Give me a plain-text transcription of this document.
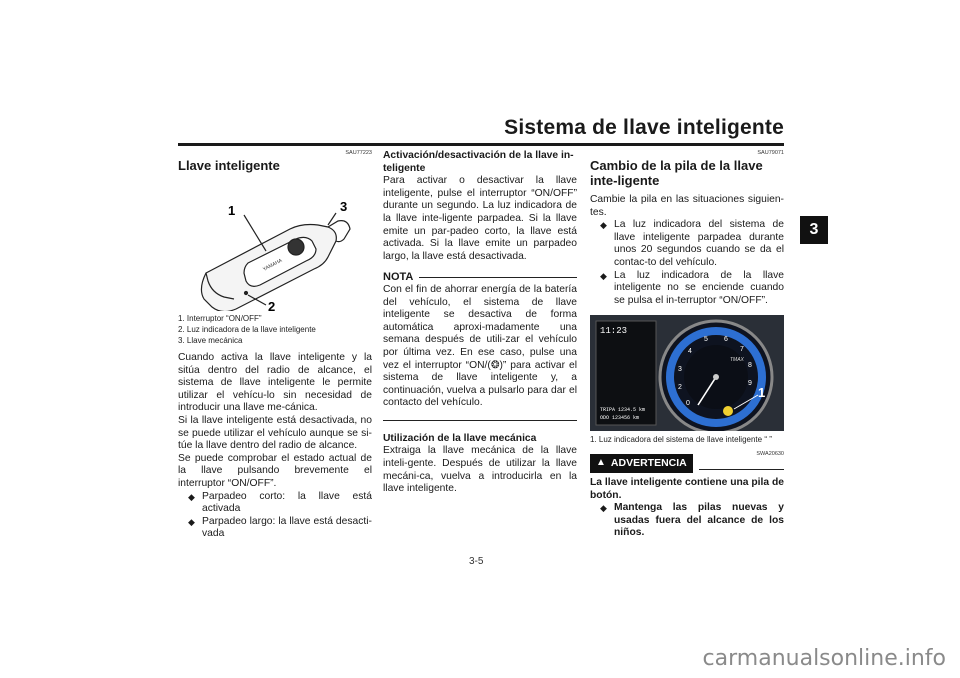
Sistema de llave inteligente
3
SAU77223
Llave inteligente
YAMAHA
1	3
2
1. Interruptor “ON/OFF”
2. Luz indicadora de la llave inteligente
3. Llave mecánica

Cuando activa la llave inteligente y la sitúa dentro del radio de alcance, el sistema de llave inteligente le permite utilizar el vehícu-lo sin necesidad de introducir una llave me-cánica.

Si la llave inteligente está desactivada, no se puede utilizar el vehículo aunque se si-túe la llave dentro del radio de alcance.

Se puede comprobar el estado actual de la llave pulsando brevemente el interruptor “ON/OFF”.

◆ Parpadeo corto: la llave está activada
◆ Parpadeo largo: la llave está desacti-vada
Activación/desactivación de la llave in-teligente

Para activar o desactivar la llave inteligente, pulse el interruptor “ON/OFF” durante un segundo. La luz indicadora de la llave inte-ligente parpadea. Si la llave emite un par-padeo corto, la llave está activada. Si la llave emite un parpadeo largo, la llave está desactivada.

NOTA

Con el fin de ahorrar energía de la batería del vehículo, el sistema de llave inteligente se desactiva de forma automática aproxi-madamente una semana después de utili-zar el vehículo por última vez. En ese caso, pulse una vez el interruptor “ON/(❂)” para activar el sistema de llave inteligente y, a continuación, vuelva a pulsarlo para dar el contacto del vehículo.

Utilización de la llave mecánica

Extraiga la llave mecánica de la llave inteli-gente. Después de utilizar la llave mecáni-ca, vuelva a introducirla en la llave inteligente.

SAU79071
Cambio de la pila de la llave inte-ligente

Cambie la pila en las situaciones siguien-tes.

◆ La luz indicadora del sistema de llave inteligente parpadea durante unos 20 segundos cuando se da el contac-to del vehículo.
◆ La luz indicadora de la llave inteligente no se enciende cuando se pulsa el in-terruptor “ON/OFF”.
11:23
TRIPA 1234.5 km
ODO 123456 km
0
2
3
4
5 6
7
8
9
TMAX
1
1. Luz indicadora del sistema de llave inteligente “ ”
SWA20630
▲ ADVERTENCIA

La llave inteligente contiene una pila de botón.

◆ Mantenga las pilas nuevas y usadas fuera del alcance de los niños.
3-5
carmanualsonline.info
